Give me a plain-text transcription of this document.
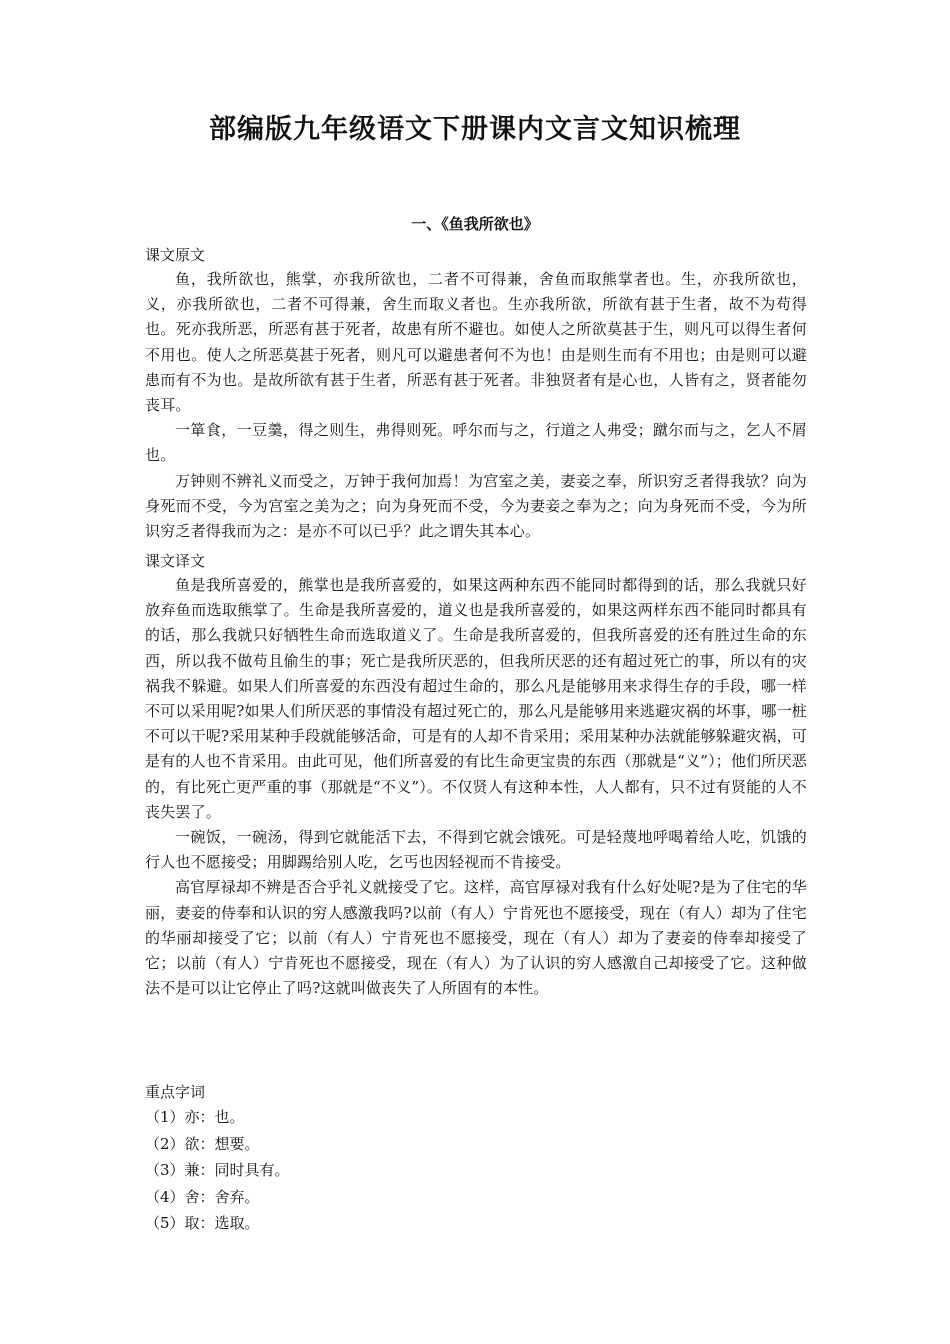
部编版九年级语文下册课内文言文知识梳理
一、《鱼我所欲也》

课文原文

鱼，我所欲也，熊掌，亦我所欲也，二者不可得兼，舍鱼而取熊掌者也。生，亦我所欲也，义，亦我所欲也，二者不可得兼，舍生而取义者也。生亦我所欲，所欲有甚于生者，故不为苟得也。死亦我所恶，所恶有甚于死者，故患有所不避也。如使人之所欲莫甚于生，则凡可以得生者何不用也。使人之所恶莫甚于死者，则凡可以避患者何不为也！由是则生而有不用也；由是则可以避患而有不为也。是故所欲有甚于生者，所恶有甚于死者。非独贤者有是心也，人皆有之，贤者能勿丧耳。

一箪食，一豆羹，得之则生，弗得则死。呼尔而与之，行道之人弗受；蹴尔而与之，乞人不屑也。

万钟则不辨礼义而受之，万钟于我何加焉！为宫室之美，妻妾之奉，所识穷乏者得我欤？向为身死而不受，今为宫室之美为之；向为身死而不受，今为妻妾之奉为之；向为身死而不受，今为所识穷乏者得我而为之：是亦不可以已乎？此之谓失其本心。

课文译文

鱼是我所喜爱的，熊掌也是我所喜爱的，如果这两种东西不能同时都得到的话，那么我就只好放弃鱼而选取熊掌了。生命是我所喜爱的，道义也是我所喜爱的，如果这两样东西不能同时都具有的话，那么我就只好牺牲生命而选取道义了。生命是我所喜爱的，但我所喜爱的还有胜过生命的东西，所以我不做苟且偷生的事；死亡是我所厌恶的，但我所厌恶的还有超过死亡的事，所以有的灾祸我不躲避。如果人们所喜爱的东西没有超过生命的，那么凡是能够用来求得生存的手段，哪一样不可以采用呢?如果人们所厌恶的事情没有超过死亡的，那么凡是能够用来逃避灾祸的坏事，哪一桩不可以干呢?采用某种手段就能够活命，可是有的人却不肯采用；采用某种办法就能够躲避灾祸，可是有的人也不肯采用。由此可见，他们所喜爱的有比生命更宝贵的东西（那就是“义”）；他们所厌恶的，有比死亡更严重的事（那就是“不义”）。不仅贤人有这种本性，人人都有，只不过有贤能的人不丧失罢了。

一碗饭，一碗汤，得到它就能活下去，不得到它就会饿死。可是轻蔑地呼喝着给人吃，饥饿的行人也不愿接受；用脚踢给别人吃，乞丐也因轻视而不肯接受。

高官厚禄却不辨是否合乎礼义就接受了它。这样，高官厚禄对我有什么好处呢?是为了住宅的华丽，妻妾的侍奉和认识的穷人感激我吗?以前（有人）宁肯死也不愿接受，现在（有人）却为了住宅的华丽却接受了它；以前（有人）宁肯死也不愿接受，现在（有人）却为了妻妾的侍奉却接受了它；以前（有人）宁肯死也不愿接受，现在（有人）为了认识的穷人感激自己却接受了它。这种做法不是可以让它停止了吗?这就叫做丧失了人所固有的本性。

重点字词

（1）亦：也。
（2）欲：想要。
（3）兼：同时具有。
（4）舍：舍弃。
（5）取：选取。
